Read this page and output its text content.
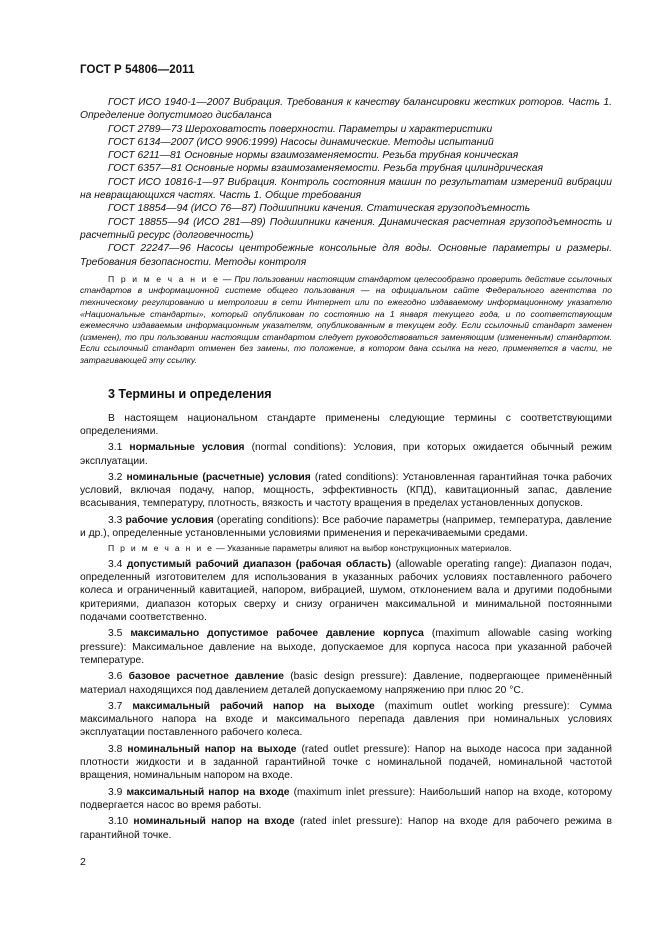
ГОСТ Р 54806—2011

ГОСТ ИСО 1940-1—2007 Вибрация. Требования к качеству балансировки жестких роторов. Часть 1. Определение допустимого дисбаланса

ГОСТ 2789—73 Шероховатость поверхности. Параметры и характеристики

ГОСТ 6134—2007 (ИСО 9906:1999) Насосы динамические. Методы испытаний

ГОСТ 6211—81 Основные нормы взаимозаменяемости. Резьба трубная коническая

ГОСТ 6357—81 Основные нормы взаимозаменяемости. Резьба трубная цилиндрическая

ГОСТ ИСО 10816-1—97 Вибрация. Контроль состояния машин по результатам измерений вибрации на невращающихся частях. Часть 1. Общие требования

ГОСТ 18854—94 (ИСО 76—87) Подшипники качения. Статическая грузоподъемность

ГОСТ 18855—94 (ИСО 281—89) Подшипники качения. Динамическая расчетная грузоподъемность и расчетный ресурс (долговечность)

ГОСТ 22247—96 Насосы центробежные консольные для воды. Основные параметры и размеры. Требования безопасности. Методы контроля

П р и м е ч а н и е — При пользовании настоящим стандартом целесообразно проверить действие ссылочных стандартов в информационной системе общего пользования — на официальном сайте Федерального агентства по техническому регулированию и метрологии в сети Интернет или по ежегодно издаваемому информационному указателю «Национальные стандарты», который опубликован по состоянию на 1 января текущего года, и по соответствующим ежемесячно издаваемым информационным указателям, опубликованным в текущем году. Если ссылочный стандарт заменен (изменен), то при пользовании настоящим стандартом следует руководствоваться заменяющим (измененным) стандартом. Если ссылочный стандарт отменен без замены, то положение, в котором дана ссылка на него, применяется в части, не затрагивающей эту ссылку.

3 Термины и определения

В настоящем национальном стандарте применены следующие термины с соответствующими определениями.

3.1 нормальные условия (normal conditions): Условия, при которых ожидается обычный режим эксплуатации.

3.2 номинальные (расчетные) условия (rated conditions): Установленная гарантийная точка рабочих условий, включая подачу, напор, мощность, эффективность (КПД), кавитационный запас, давление всасывания, температуру, плотность, вязкость и частоту вращения в пределах установленных допусков.

3.3 рабочие условия (operating conditions): Все рабочие параметры (например, температура, давление и др.), определенные установленными условиями применения и перекачиваемыми средами.

П р и м е ч а н и е — Указанные параметры влияют на выбор конструкционных материалов.

3.4 допустимый рабочий диапазон (рабочая область) (allowable operating range): Диапазон подач, определенный изготовителем для использования в указанных рабочих условиях поставленного рабочего колеса и ограниченный кавитацией, напором, вибрацией, шумом, отклонением вала и другими подобными критериями, диапазон которых сверху и снизу ограничен максимальной и минимальной постоянными подачами соответственно.

3.5 максимально допустимое рабочее давление корпуса (maximum allowable casing working pressure): Максимальное давление на выходе, допускаемое для корпуса насоса при указанной рабочей температуре.

3.6 базовое расчетное давление (basic design pressure): Давление, подвергающее применённый материал находящихся под давлением деталей допускаемому напряжению при плюс 20 °C.

3.7 максимальный рабочий напор на выходе (maximum outlet working pressure): Сумма максимального напора на входе и максимального перепада давления при номинальных условиях эксплуатации поставленного рабочего колеса.

3.8 номинальный напор на выходе (rated outlet pressure): Напор на выходе насоса при заданной плотности жидкости и в заданной гарантийной точке с номинальной подачей, номинальной частотой вращения, номинальным напором на входе.

3.9 максимальный напор на входе (maximum inlet pressure): Наибольший напор на входе, которому подвергается насос во время работы.

3.10 номинальный напор на входе (rated inlet pressure): Напор на входе для рабочего режима в гарантийной точке.

2
